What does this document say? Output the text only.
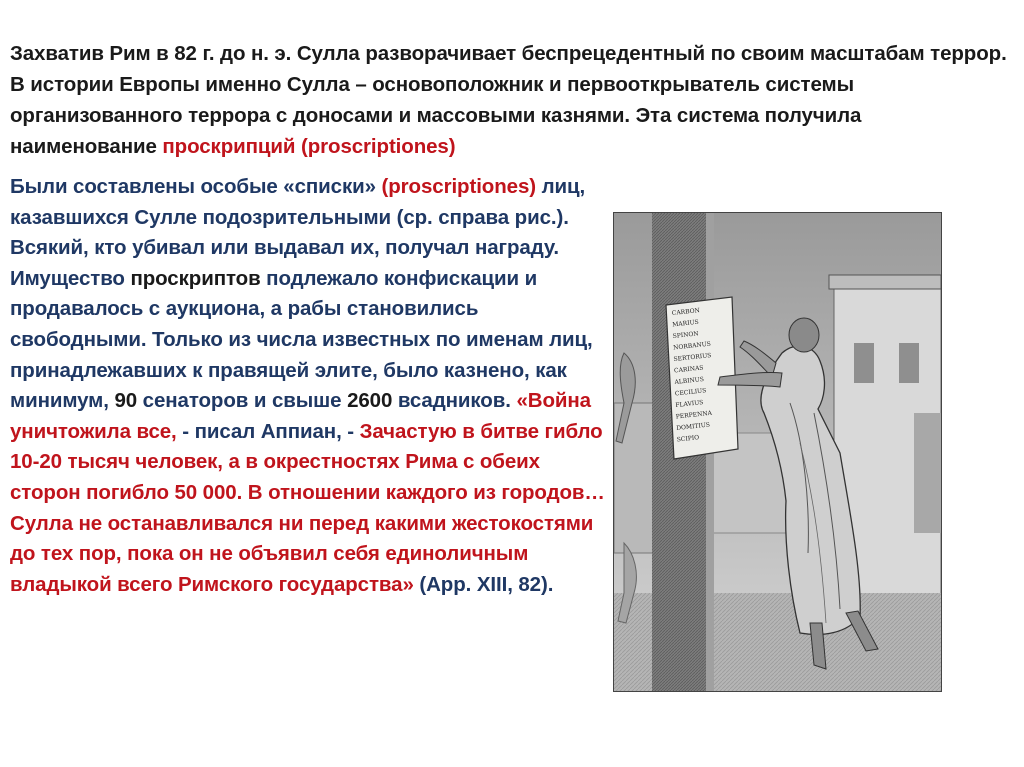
Захватив Рим в 82 г. до н. э. Сулла разворачивает беспрецедентный по своим масштабам террор. В истории Европы именно Сулла – основоположник и первооткрыватель системы организованного террора с доносами и массовыми казнями. Эта система получила наименование проскрипций (proscriptiones)
Были составлены особые «списки» (proscriptiones) лиц, казавшихся Сулле подозрительными (ср. справа рис.). Всякий, кто убивал или выдавал их, получал награду. Имущество проскриптов подлежало конфискации и продавалось с аукциона, а рабы становились свободными. Только из числа известных по именам лиц, принадлежавших к правящей элите, было казнено, как минимум, 90 сенаторов и свыше 2600 всадников. «Война уничтожила все, - писал Аппиан, - Зачастую в битве гибло 10-20 тысяч человек, а в окрестностях Рима с обеих сторон погибло 50 000. В отношении каждого из городов… Сулла не останавливался ни перед какими жестокостями до тех пор, пока он не объявил себя единоличным владыкой всего Римского государства» (Арр. XIII, 82).
CARBON
MARIUS
SPINON
NORBANUS
SERTORIUS
CARINAS
ALBINUS
CECILIUS
FLAVIUS
PERPENNA
DOMITIUS
SCIPIO
